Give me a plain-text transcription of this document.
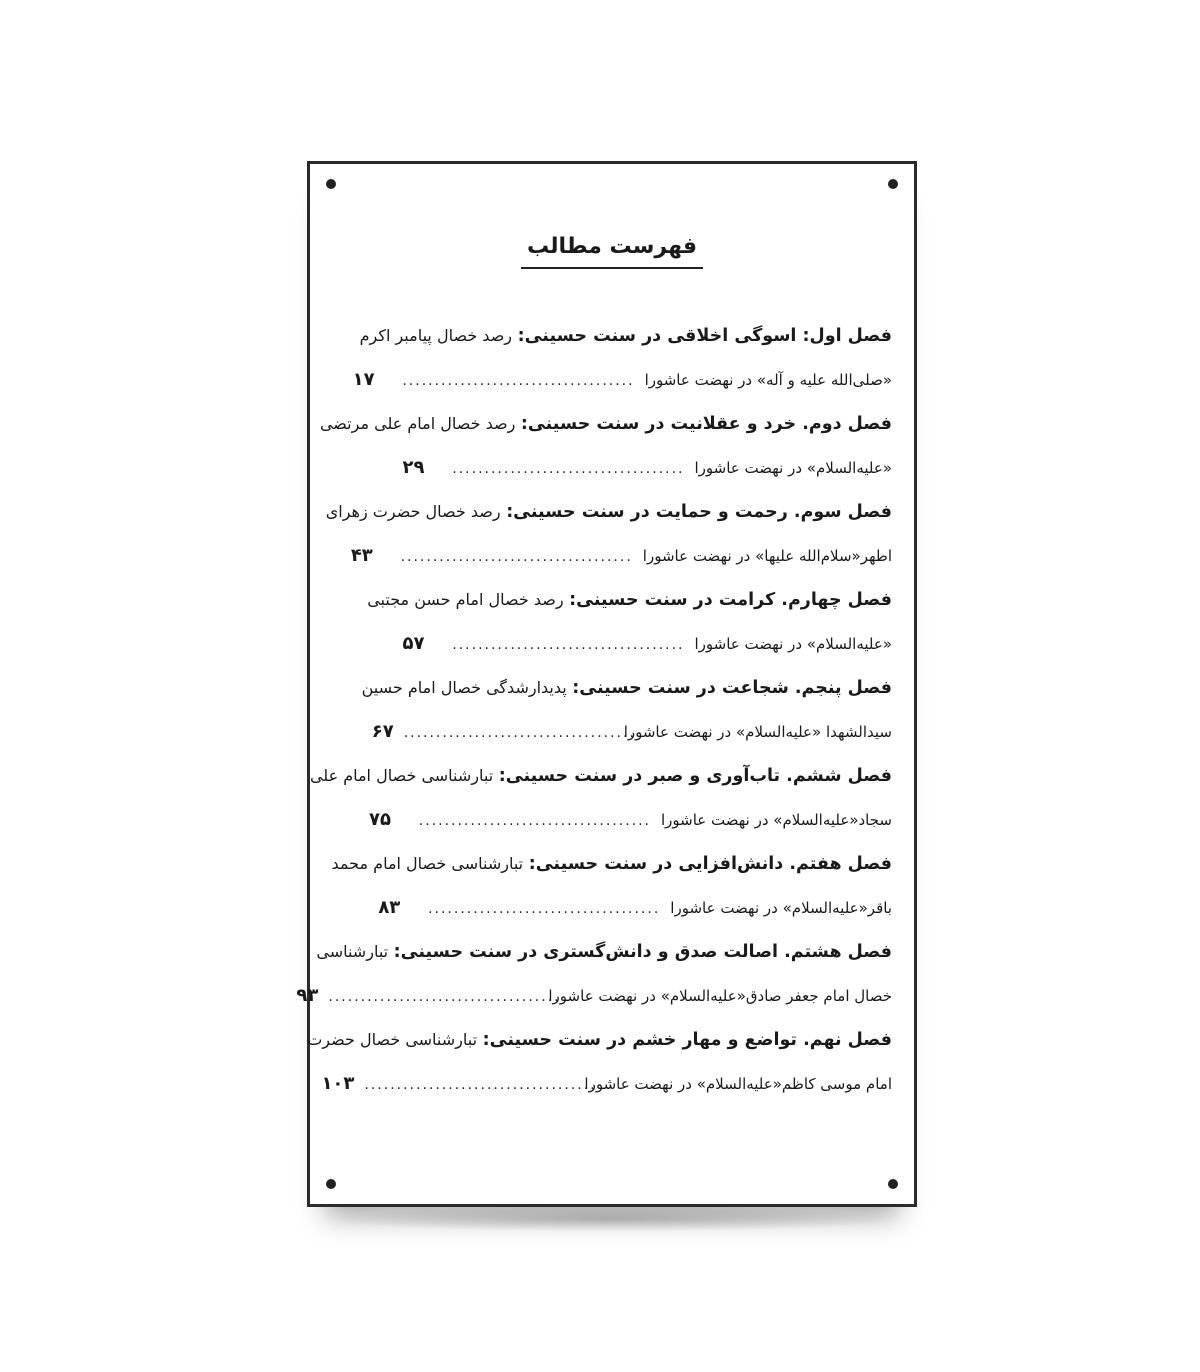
فهرست مطالب
فصل اول: اسوگی اخلاقی در سنت حسینی: رصد خصال پیامبر اکرم
«صلی‌الله علیه و آله» در نهضت عاشورا
....................................
۱۷
فصل دوم. خرد و عقلانیت در سنت حسینی: رصد خصال امام علی مرتضی
«علیه‌السلام» در نهضت عاشورا
....................................
۲۹
فصل سوم. رحمت و حمایت در سنت حسینی: رصد خصال حضرت زهرای
اطهر«سلام‌الله علیها» در نهضت عاشورا
....................................
۴۳
فصل چهارم. کرامت در سنت حسینی: رصد خصال امام حسن مجتبی
«علیه‌السلام» در نهضت عاشورا
....................................
۵۷
فصل پنجم. شجاعت در سنت حسینی: پدیدارشدگی خصال امام حسین
سیدالشهدا «علیه‌السلام» در نهضت عاشورا
....................................
۶۷
فصل ششم. تاب‌آوری و صبر در سنت حسینی: تبارشناسی خصال امام علی
سجاد«علیه‌السلام» در نهضت عاشورا
....................................
۷۵
فصل هفتم. دانش‌افزایی در سنت حسینی: تبارشناسی خصال امام محمد
باقر«علیه‌السلام» در نهضت عاشورا
....................................
۸۳
فصل هشتم. اصالت صدق و دانش‌گستری در سنت حسینی: تبارشناسی
خصال امام جعفر صادق«علیه‌السلام» در نهضت عاشورا
....................................
۹۳
فصل نهم. تواضع و مهار خشم در سنت حسینی: تبارشناسی خصال حضرت
امام موسی کاظم«علیه‌السلام» در نهضت عاشورا
....................................
۱۰۳
